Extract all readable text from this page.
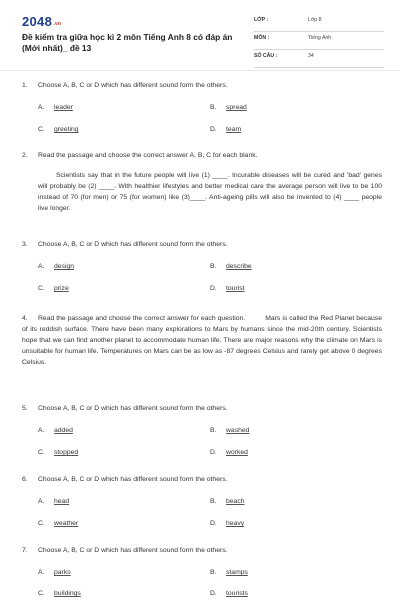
2048.vn
Đề kiểm tra giữa học kì 2 môn Tiếng Anh 8 có đáp án (Mới nhất)_ đề 13
LỚP :	Lớp 8
MÔN :	Tiếng Anh
SỐ CÂU :	34
1. Choose A, B, C or D which has different sound form the others.
A. leader	B. spread
C. greeting	D. team
2. Read the passage and choose the correct answer A, B, C for each blank.
Scientists say that in the future people will live (1) ____. Incurable diseases will be cured and 'bad' genes will probably be (2) ____. With healthier lifestyles and better medical care the average person will live to be 100 instead of 70 (for men) or 75 (for women) like (3)____. Anti-ageing pills will also be invented to (4) ____ people live longer.
3. Choose A, B, C or D which has different sound form the others.
A. design	B. describe
C. prize	D. tourist
4. Read the passage and choose the correct answer for each question.	Mars is called the Red Planet because of its reddish surface. There have been many explorations to Mars by humans since the mid-20th century. Scientists hope that we can find another planet to accommodate human life. There are major reasons why the climate on Mars is unsuitable for human life. Temperatures on Mars can be as low as -87 degrees Celsius and rarely get above 0 degrees Celsius.
5. Choose A, B, C or D which has different sound form the others.
A. added	B. washed
C. stopped	D. worked
6. Choose A, B, C or D which has different sound form the others.
A. head	B. beach
C. weather	D. heavy
7. Choose A, B, C or D which has different sound form the others.
A. parks	B. stamps
C. buildings	D. tourists
